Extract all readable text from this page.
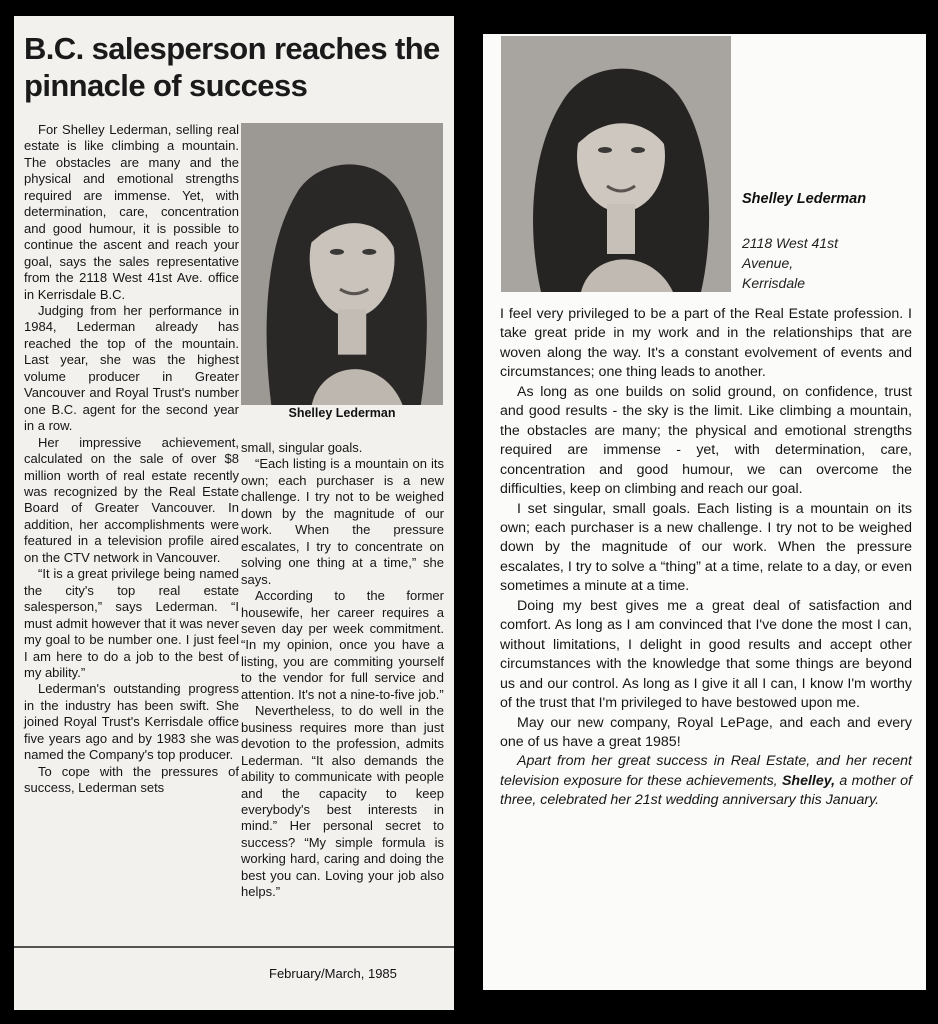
B.C. salesperson reaches the pinnacle of success

For Shelley Lederman, selling real estate is like climbing a mountain. The obstacles are many and the physical and emotional strengths required are immense. Yet, with determination, care, concentration and good humour, it is possible to continue the ascent and reach your goal, says the sales representative from the 2118 West 41st Ave. office in Kerrisdale B.C.

Judging from her performance in 1984, Lederman already has reached the top of the mountain. Last year, she was the highest volume producer in Greater Vancouver and Royal Trust's number one B.C. agent for the second year in a row.

Her impressive achievement, calculated on the sale of over $8 million worth of real estate recently was recognized by the Real Estate Board of Greater Vancouver. In addition, her accomplishments were featured in a television profile aired on the CTV network in Vancouver.

“It is a great privilege being named the city's top real estate salesperson,” says Lederman. “I must admit however that it was never my goal to be number one. I just feel I am here to do a job to the best of my ability.”

Lederman's outstanding progress in the industry has been swift. She joined Royal Trust's Kerrisdale office five years ago and by 1983 she was named the Company's top producer.

To cope with the pressures of success, Lederman sets

Shelley Lederman

small, singular goals.

“Each listing is a mountain on its own; each purchaser is a new challenge. I try not to be weighed down by the magnitude of our work. When the pressure escalates, I try to concentrate on solving one thing at a time,” she says.

According to the former housewife, her career requires a seven day per week commitment. “In my opinion, once you have a listing, you are commiting yourself to the vendor for full service and attention. It's not a nine-to-five job.”

Nevertheless, to do well in the business requires more than just devotion to the profession, admits Lederman. “It also demands the ability to communicate with people and the capacity to keep everybody's best interests in mind.” Her personal secret to success? “My simple formula is working hard, caring and doing the best you can. Loving your job also helps.”

February/March, 1985
Shelley Lederman
2118 West 41st
Avenue,
Kerrisdale

I feel very privileged to be a part of the Real Estate profession. I take great pride in my work and in the relationships that are woven along the way. It's a constant evolvement of events and circumstances; one thing leads to another.

As long as one builds on solid ground, on confidence, trust and good results - the sky is the limit. Like climbing a mountain, the obstacles are many; the physical and emotional strengths required are immense - yet, with determination, care, concentration and good humour, we can overcome the difficulties, keep on climbing and reach our goal.

I set singular, small goals. Each listing is a mountain on its own; each purchaser is a new challenge. I try not to be weighed down by the magnitude of our work. When the pressure escalates, I try to solve a “thing” at a time, relate to a day, or even sometimes a minute at a time.

Doing my best gives me a great deal of satisfaction and comfort. As long as I am convinced that I've done the most I can, without limitations, I delight in good results and accept other circumstances with the knowledge that some things are beyond us and our control. As long as I give it all I can, I know I'm worthy of the trust that I'm privileged to have bestowed upon me.

May our new company, Royal LePage, and each and every one of us have a great 1985!

Apart from her great success in Real Estate, and her recent television exposure for these achievements, Shelley, a mother of three, celebrated her 21st wedding anniversary this January.
